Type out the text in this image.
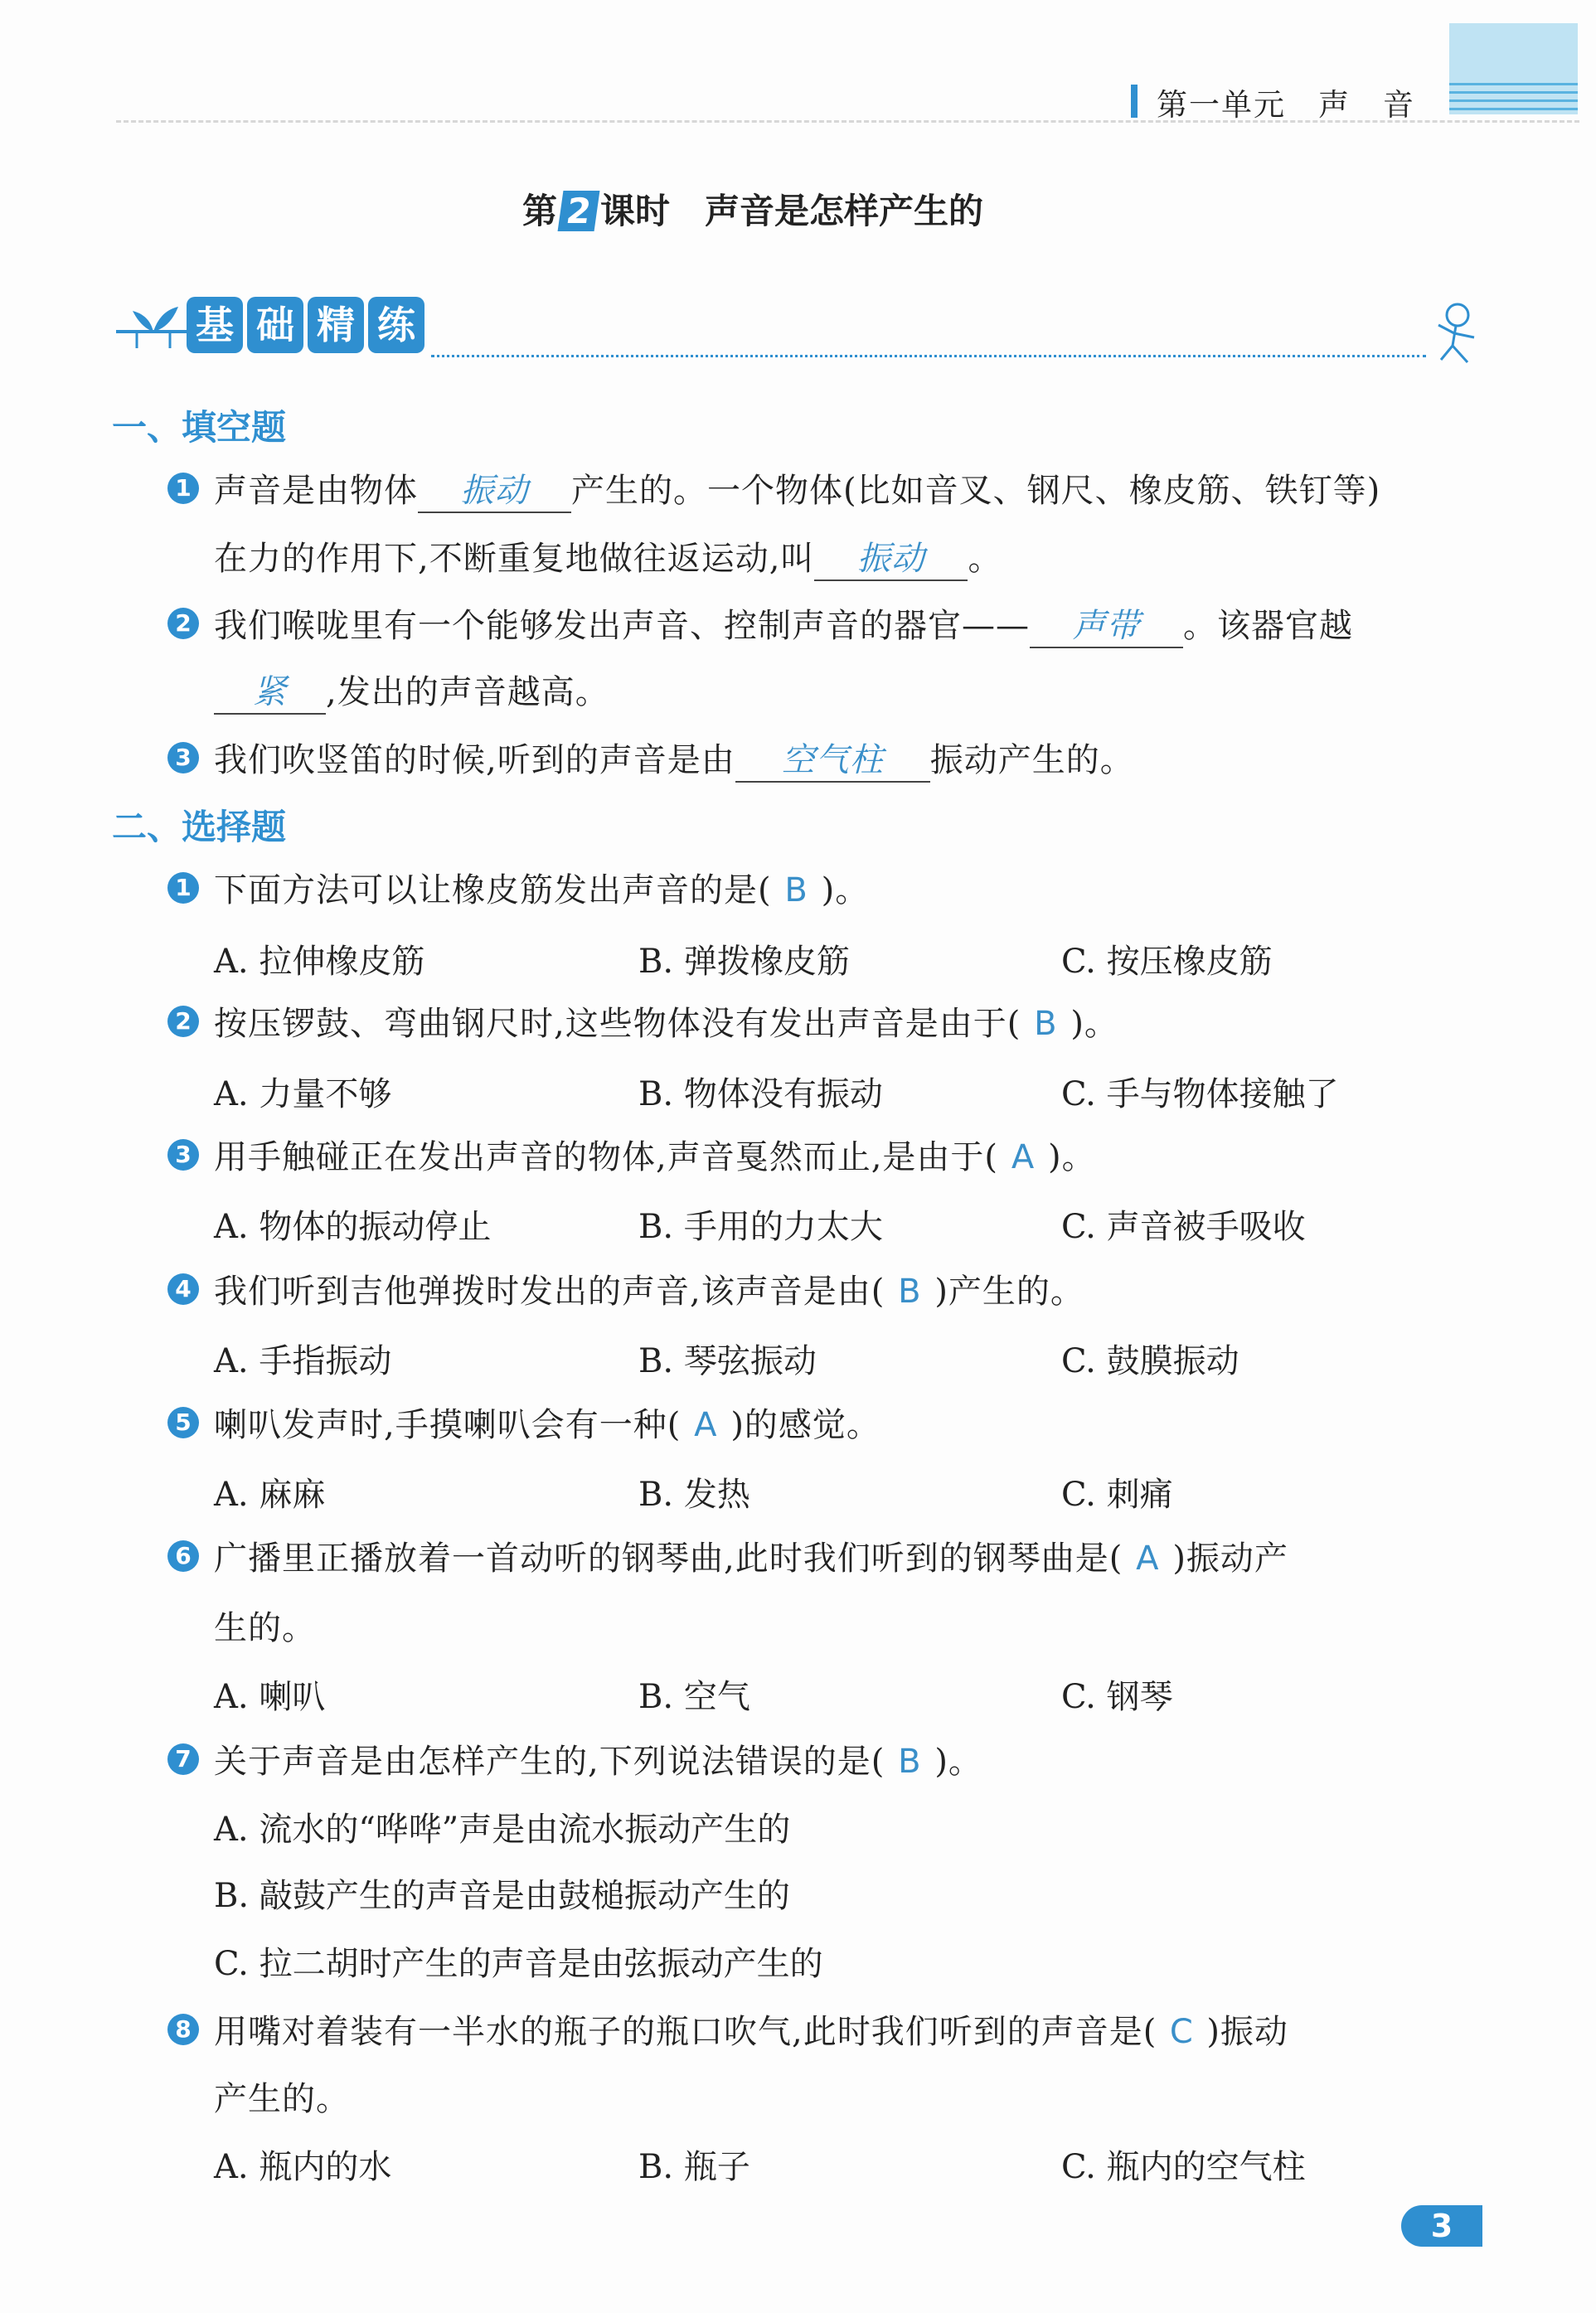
第一单元　声　音
第 2 课时　声音是怎样产生的
基 础 精 练
一、填空题
1 声音是由物体 振动 产生的。一个物体(比如音叉、钢尺、橡皮筋、铁钉等)
在力的作用下,不断重复地做往返运动,叫 振动 。
2 我们喉咙里有一个能够发出声音、控制声音的器官—— 声带 。该器官越
紧 ,发出的声音越高。
3 我们吹竖笛的时候,听到的声音是由 空气柱 振动产生的。
二、选择题
1 下面方法可以让橡皮筋发出声音的是( B )。
A. 拉伸橡皮筋	B. 弹拨橡皮筋	C. 按压橡皮筋
2 按压锣鼓、弯曲钢尺时,这些物体没有发出声音是由于( B )。
A. 力量不够	B. 物体没有振动	C. 手与物体接触了
3 用手触碰正在发出声音的物体,声音戛然而止,是由于( A )。
A. 物体的振动停止	B. 手用的力太大	C. 声音被手吸收
4 我们听到吉他弹拨时发出的声音,该声音是由( B )产生的。
A. 手指振动	B. 琴弦振动	C. 鼓膜振动
5 喇叭发声时,手摸喇叭会有一种( A )的感觉。
A. 麻麻	B. 发热	C. 刺痛
6 广播里正播放着一首动听的钢琴曲,此时我们听到的钢琴曲是( A )振动产
生的。
A. 喇叭	B. 空气	C. 钢琴
7 关于声音是由怎样产生的,下列说法错误的是( B )。
A. 流水的“哗哗”声是由流水振动产生的
B. 敲鼓产生的声音是由鼓槌振动产生的
C. 拉二胡时产生的声音是由弦振动产生的
8 用嘴对着装有一半水的瓶子的瓶口吹气,此时我们听到的声音是( C )振动
产生的。
A. 瓶内的水	B. 瓶子	C. 瓶内的空气柱
3
